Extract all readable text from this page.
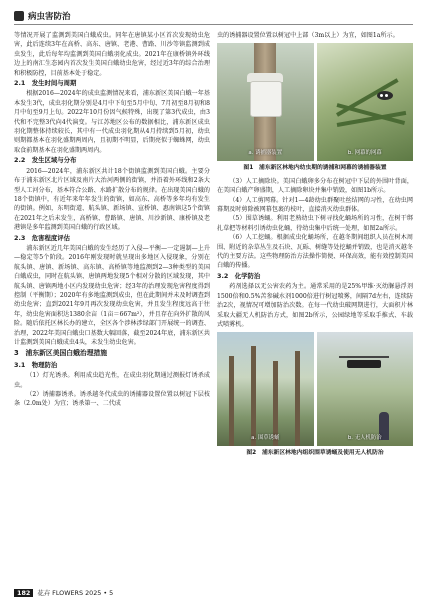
病虫害防治

等情况开展了监测到美国白蛾成虫。同年在唐镇某小区首次发现幼虫危害，此后连续3年在高桥、高东、唐镇、老港、曹路、川沙等镇监测到成虫发生，此后每年均监测到美国白蛾羽化成虫。2021年在康桥镇外环线边上的南汇生态园内首次发生美国白蛾幼虫危害，经过近3年的综合治理和积极防控，目前基本处于稳定。

2.1　发生时间与周期

根据2016—2024年的成虫监测情况来看，浦东新区美国白蛾一年基本发生3代，成虫羽化期分别是4月中下旬至5月中旬、7月初至8月初和8月中旬至9月上旬。2022年10月份因气候特殊，出现了第3代成虫，由3代和不完整3代向4代演变。与江苏地区公布的数据相比，浦东新区成虫羽化期整体持续较长，其中有一代成虫羽化期从4月持续到5月初，幼虫则期都基本在羽化盛期两周内，且初期不明显，后期亮似于蜘蛛网，幼虫取食前期基本在羽化盛期两周内。

2.2　发生区域与分布

2016—2024年，浦东新区共计18个街镇监测到美国白蛾。主要分布于浦东新区北片区域及南片大治河两侧的街镇，并沿着外环线和2条大型人工河分布，基本符合公路、水路扩散分布的规律。在出现美国白蛾的18个街镇中，有近年来年年发生的街镇，如高东、高桥等多年均有发生的街镇。例如，东明街道、航头镇、新场镇、宣桥镇、惠南镇这5个街镇在2021年之后未发生，高桥镇、曹路镇、唐镇、川沙新镇、康桥镇及老港镇是多年监测到美国白蛾的行政区域。

2.3　危害程度评估

浦东新区近几年美国白蛾的发生经历了入侵—平衡—一定遏制—上升—稳定等5个阶段。2016年刚发现时就呈现出多地区入侵现象，分别在航头镇、唐镇、新场镇、高东镇、高桥镇等地监测到2—3种类型的美国白蛾成虫，同时在航头镇、唐镇两地发现5个相对分散的区域发现，其中航头镇、唐镇两地小区内发现幼虫危害；经3年的治理发现危害程度得到控制（平衡期）；2020年有多地监测到成虫，但在此期间并未及时调查到幼虫危害；直到2021年9月再次发现幼虫危害，并且发生程度远高于往年，幼虫危害面积达1380余亩（1亩＝667m²），并且存在向外扩散的风险。随后依托区林长办的建立，全区各个涉林涉绿部门开展统一的调查、治理，2022年美国白蛾虫口基数大幅回落，截至2024年底，浦东新区共计监测到美国白蛾成虫4头，未发生幼虫危害。

3　浦东新区美国白蛾治理措施
3.1　物理防治

（1）灯光诱杀。利用成虫趋光性，在成虫羽化期通过测报灯诱杀成虫。

（2）诱捕器诱杀。诱杀越冬代成虫的诱捕器设置位置以树冠下层枝条（2.0m处）为宜；诱杀第一、二代成

虫的诱捕器设置位置以树冠中上部（3m以上）为宜，如图1a所示。

a. 诱捕器装置	b. 网幕的网幕
图1　浦东新区林地内幼虫期的诱捕和网幕的诱捕器装置

（3）人工摘除块。美国白蛾卵多分布在树冠中下层的外围叶背面，在美国白蛾产卵盛期，人工摘除卵块并集中销毁，如图1b所示。

（4）人工剪网幕。针对1—4龄幼虫群聚吐丝结网的习性，在幼虫网幕期及时剪除被网幕包裹的枝叶，直接消灭幼虫群体。

（5）围草诱蛹。利用老熟幼虫下树寻找化蛹场所的习性，在树干绑扎草把等材料引诱幼虫化蛹，待幼虫集中后统一处理，如图2a所示。

（6）人工挖蛹。根据成虫化蛹场所，在越冬期间组织人员在树木周围、附近的杂草丛生及石块、瓦砾、树缝等处挖蛹并销毁，也是消灭越冬代的主要方法。这些物理防治方法操作简便、环保高效，能有效控制美国白蛾的传播。

3.2　化学防治

药剂选择以无公害农药为主。通常采用的是25%甲维·灭幼脲悬浮剂1500倍和0.5%苦参碱水剂1000倍进行树冠喷雾，间隔7d左右，连续防治2次，视情况可增加防治次数。在每一代幼虫破网期进行，大面积片林采取大疆无人机防治方式，如图2b所示，公园绿地等采取手推式、车载式喷雾机。

a. 围草诱蛹	b. 无人机防治
图2　浦东新区林地内组织围草诱蛹及使用无人机防治
182	花卉 FLOWERS 2025 • 5
